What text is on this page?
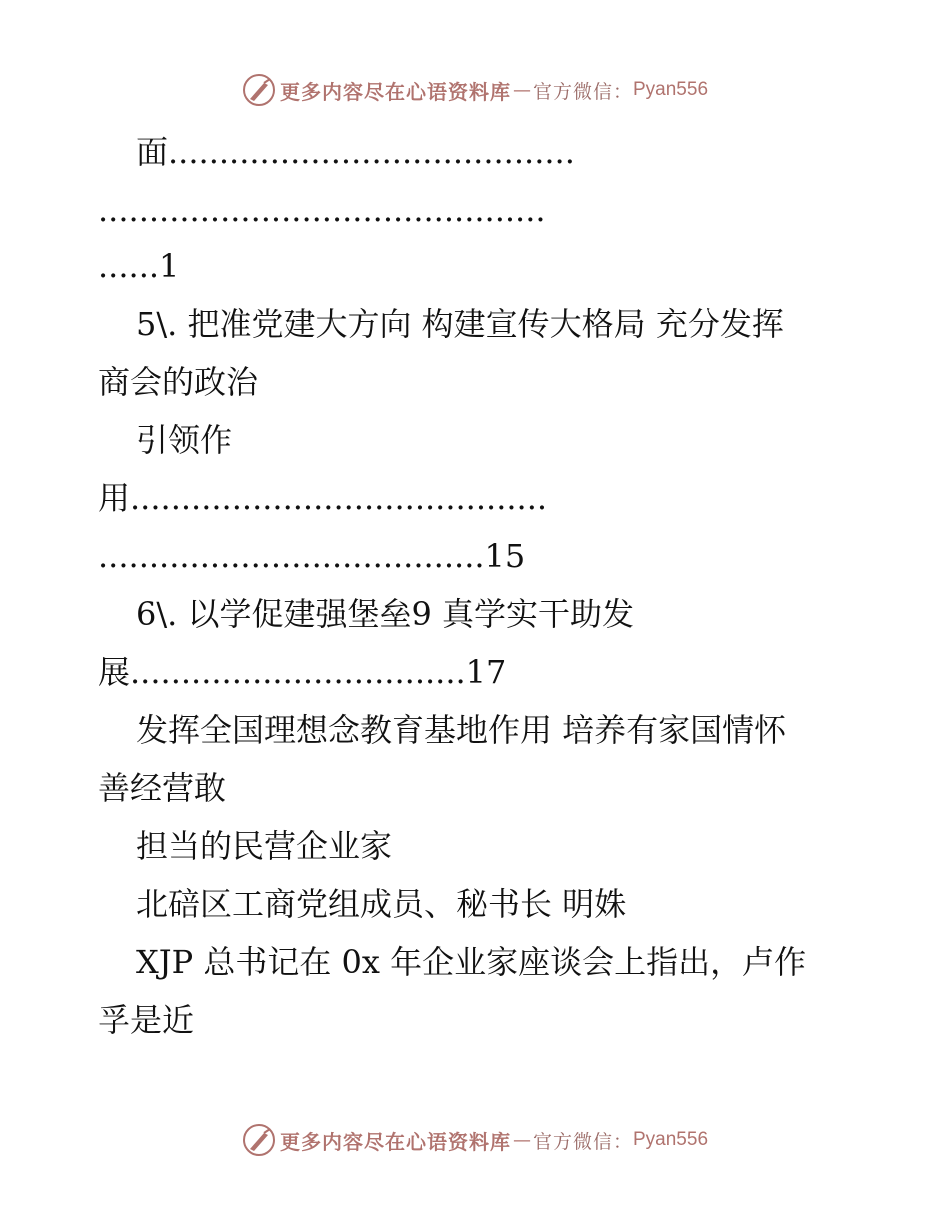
更多内容尽在心语资料库 — 官方微信： Pyan556
面........................................
............................................
......1
5\. 把准党建大方向 构建宣传大格局 充分发挥
商会的政治
引领作
用.........................................
......................................15
6\. 以学促建强堡垒9 真学实干助发
展.................................17
发挥全国理想念教育基地作用 培养有家国情怀
善经营敢
担当的民营企业家
北碚区工商党组成员、秘书长 明姝
XJP 总书记在 0x 年企业家座谈会上指出，卢作
孚是近
更多内容尽在心语资料库 — 官方微信： Pyan556
